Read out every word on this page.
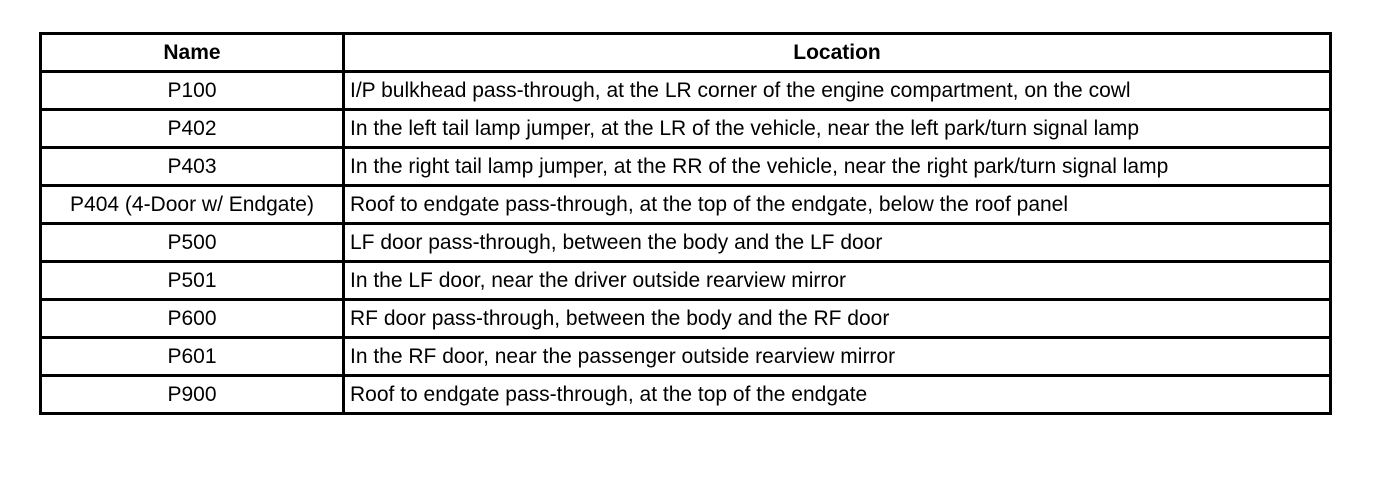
Name	Location
P100	I/P bulkhead pass-through, at the LR corner of the engine compartment, on the cowl
P402	In the left tail lamp jumper, at the LR of the vehicle, near the left park/turn signal lamp
P403	In the right tail lamp jumper, at the RR of the vehicle, near the right park/turn signal lamp
P404 (4-Door w/ Endgate)	Roof to endgate pass-through, at the top of the endgate, below the roof panel
P500	LF door pass-through, between the body and the LF door
P501	In the LF door, near the driver outside rearview mirror
P600	RF door pass-through, between the body and the RF door
P601	In the RF door, near the passenger outside rearview mirror
P900	Roof to endgate pass-through, at the top of the endgate
